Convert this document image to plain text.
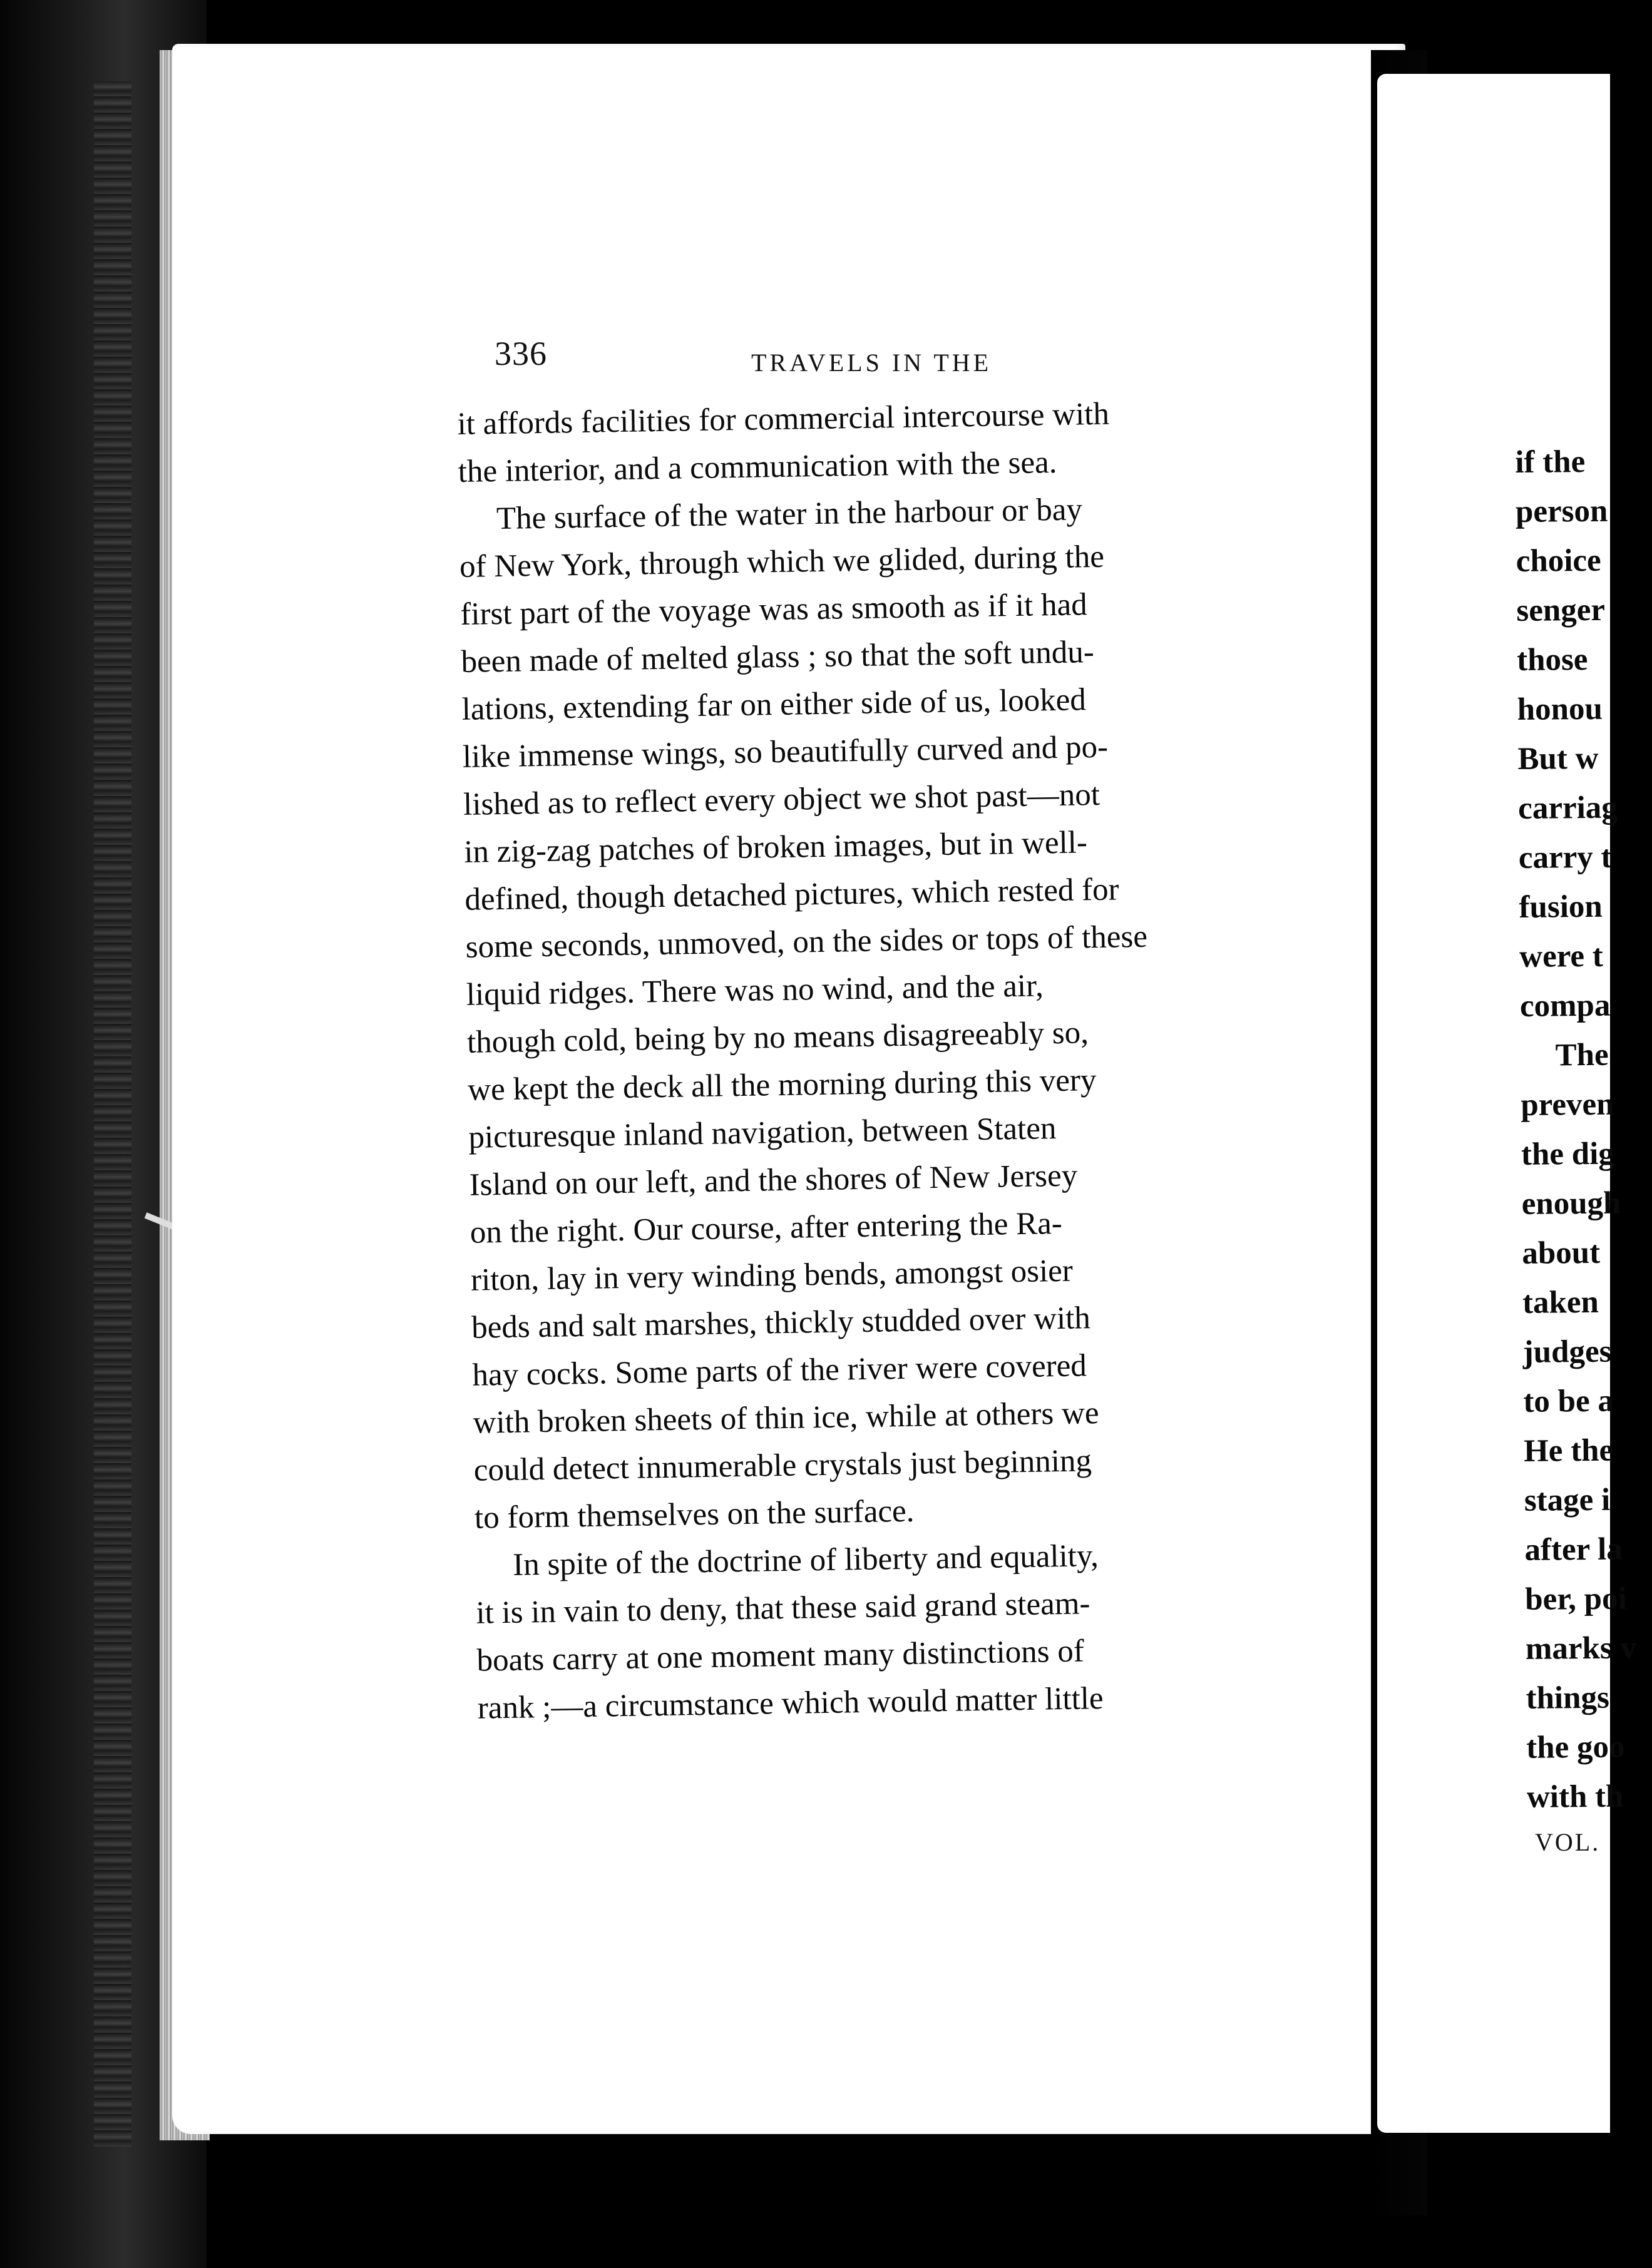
336	TRAVELS IN THE
it affords facilities for commercial intercourse with
the interior, and a communication with the sea.
The surface of the water in the harbour or bay
of New York, through which we glided, during the
first part of the voyage was as smooth as if it had
been made of melted glass ; so that the soft undu-
lations, extending far on either side of us, looked
like immense wings, so beautifully curved and po-
lished as to reflect every object we shot past—not
in zig-zag patches of broken images, but in well-
defined, though detached pictures, which rested for
some seconds, unmoved, on the sides or tops of these
liquid ridges. There was no wind, and the air,
though cold, being by no means disagreeably so,
we kept the deck all the morning during this very
picturesque inland navigation, between Staten
Island on our left, and the shores of New Jersey
on the right. Our course, after entering the Ra-
riton, lay in very winding bends, amongst osier
beds and salt marshes, thickly studded over with
hay cocks. Some parts of the river were covered
with broken sheets of thin ice, while at others we
could detect innumerable crystals just beginning
to form themselves on the surface.
In spite of the doctrine of liberty and equality,
it is in vain to deny, that these said grand steam-
boats carry at one moment many distinctions of
rank ;—a circumstance which would matter little
if the
person
choice
senger
those
honou
But w
carriag
carry t
fusion
were t
compa
The
preven
the dig
enough
about
taken
judges
to be a
He the
stage i
after la
ber, poi
marks v
things
the goo
with th
VOL.
